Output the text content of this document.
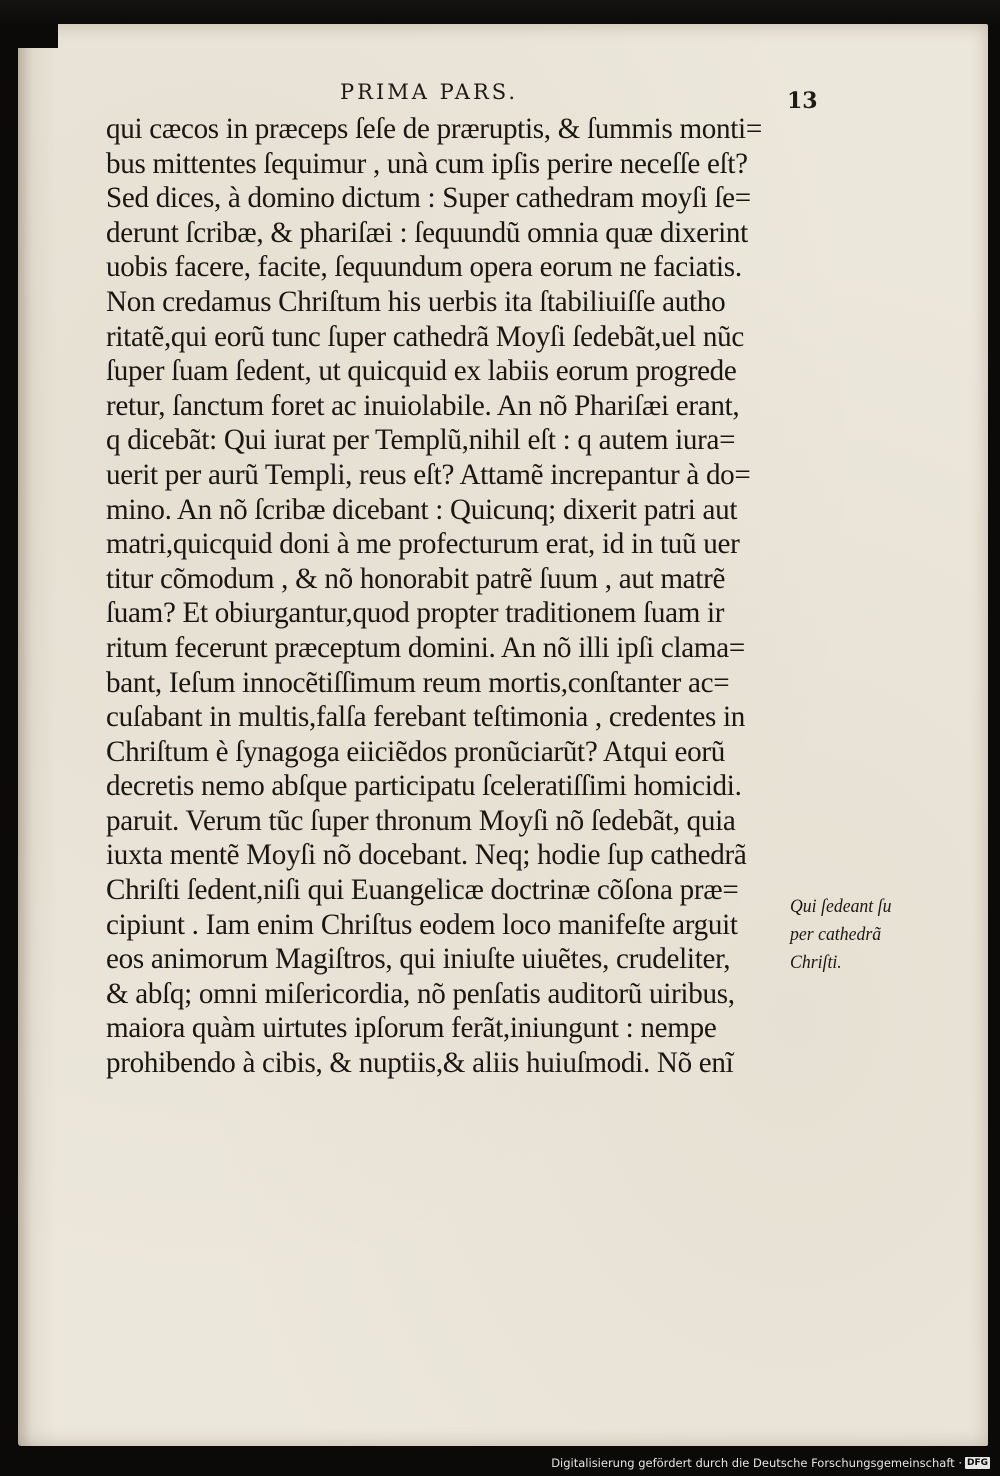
PRIMA PARS.	13
qui cæcos in præceps ſeſe de præruptis, & ſummis monti=
bus mittentes ſequimur , unà cum ipſis perire neceſſe eſt?
Sed dices, à domino dictum : Super cathedram moyſi ſe=
derunt ſcribæ, & phariſæi : ſequundũ omnia quæ dixerint
uobis facere, facite, ſequundum opera eorum ne faciatis.
Non credamus Chriſtum his uerbis ita ſtabiliuiſſe autho
ritatẽ,qui eorũ tunc ſuper cathedrã Moyſi ſedebãt,uel nũc
ſuper ſuam ſedent, ut quicquid ex labiis eorum progrede
retur, ſanctum foret ac inuiolabile. An nõ Phariſæi erant,
q dicebãt: Qui iurat per Templũ,nihil eſt : q autem iura=
uerit per aurũ Templi, reus eſt? Attamẽ increpantur à do=
mino. An nõ ſcribæ dicebant : Quicunq; dixerit patri aut
matri,quicquid doni à me profecturum erat, id in tuũ uer
titur cõmodum , & nõ honorabit patrẽ ſuum , aut matrẽ
ſuam? Et obiurgantur,quod propter traditionem ſuam ir
ritum fecerunt præceptum domini. An nõ illi ipſi clama=
bant, Ieſum innocẽtiſſimum reum mortis,conſtanter ac=
cuſabant in multis,falſa ferebant teſtimonia , credentes in
Chriſtum è ſynagoga eiiciẽdos pronũciarũt? Atqui eorũ
decretis nemo abſque participatu ſceleratiſſimi homicidi.
paruit. Verum tũc ſuper thronum Moyſi nõ ſedebãt, quia
iuxta mentẽ Moyſi nõ docebant. Neq; hodie ſup cathedrã
Chriſti ſedent,niſi qui Euangelicæ doctrinæ cõſona præ=
cipiunt . Iam enim Chriſtus eodem loco manifeſte arguit
eos animorum Magiſtros, qui iniuſte uiuẽtes, crudeliter,
& abſq; omni miſericordia, nõ penſatis auditorũ uiribus,
maiora quàm uirtutes ipſorum ferãt,iniungunt : nempe
prohibendo à cibis, & nuptiis,& aliis huiuſmodi. Nõ enĩ
Qui ſedeant ſu
per cathedrã
Chriſti.
Digitalisierung gefördert durch die Deutsche Forschungsgemeinschaft · DFG
